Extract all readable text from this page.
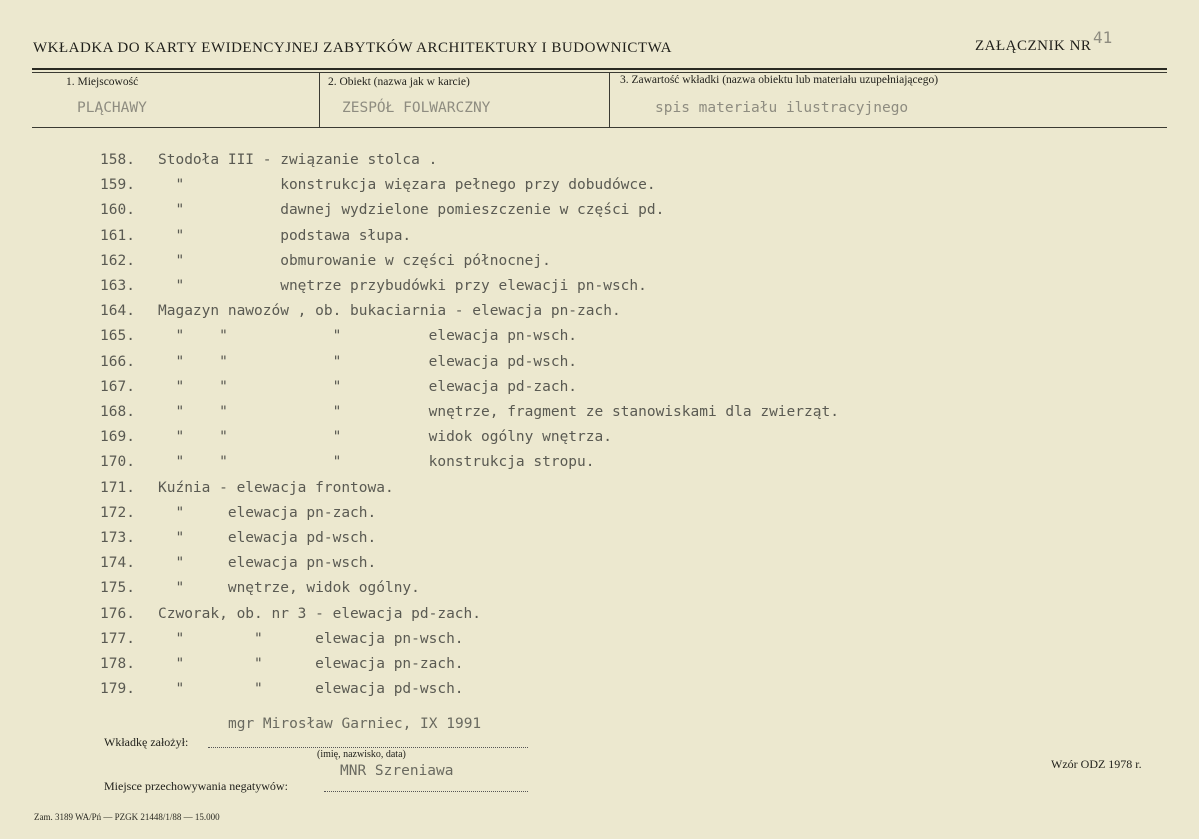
WKŁADKA DO KARTY EWIDENCYJNEJ ZABYTKÓW ARCHITEKTURY I BUDOWNICTWA	ZAŁĄCZNIK NR 41
1. Miejscowość
PLĄCHAWY
2. Obiekt (nazwa jak w karcie)
ZESPÓŁ FOLWARCZNY
3. Zawartość wkładki (nazwa obiektu lub materiału uzupełniającego)
spis materiału ilustracyjnego
158. Stodoła III - związanie stolca .
159. "           konstrukcja więzara pełnego przy dobudówce.
160. "           dawnej wydzielone pomieszczenie w części pd.
161. "           podstawa słupa.
162. "           obmurowanie w części północnej.
163. "           wnętrze przybudówki przy elewacji pn-wsch.
164. Magazyn nawozów , ob. bukaciarnia - elewacja pn-zach.
165. "    "            "          elewacja pn-wsch.
166. "    "            "          elewacja pd-wsch.
167. "    "            "          elewacja pd-zach.
168. "    "            "          wnętrze, fragment ze stanowiskami dla zwierząt.
169. "    "            "          widok ogólny wnętrza.
170. "    "            "          konstrukcja stropu.
171. Kuźnia - elewacja frontowa.
172. "     elewacja pn-zach.
173. "     elewacja pd-wsch.
174. "     elewacja pn-wsch.
175. "     wnętrze, widok ogólny.
176. Czworak, ob. nr 3 - elewacja pd-zach.
177. "        "      elewacja pn-wsch.
178. "        "      elewacja pn-zach.
179. "        "      elewacja pd-wsch.
mgr Mirosław Garniec, IX 1991
Wkładkę założył:
(imię, nazwisko, data)
MNR Szreniawa
Miejsce przechowywania negatywów:
Wzór ODZ 1978 r.
Zam. 3189 WA/Pń — PZGK 21448/1/88 — 15.000
